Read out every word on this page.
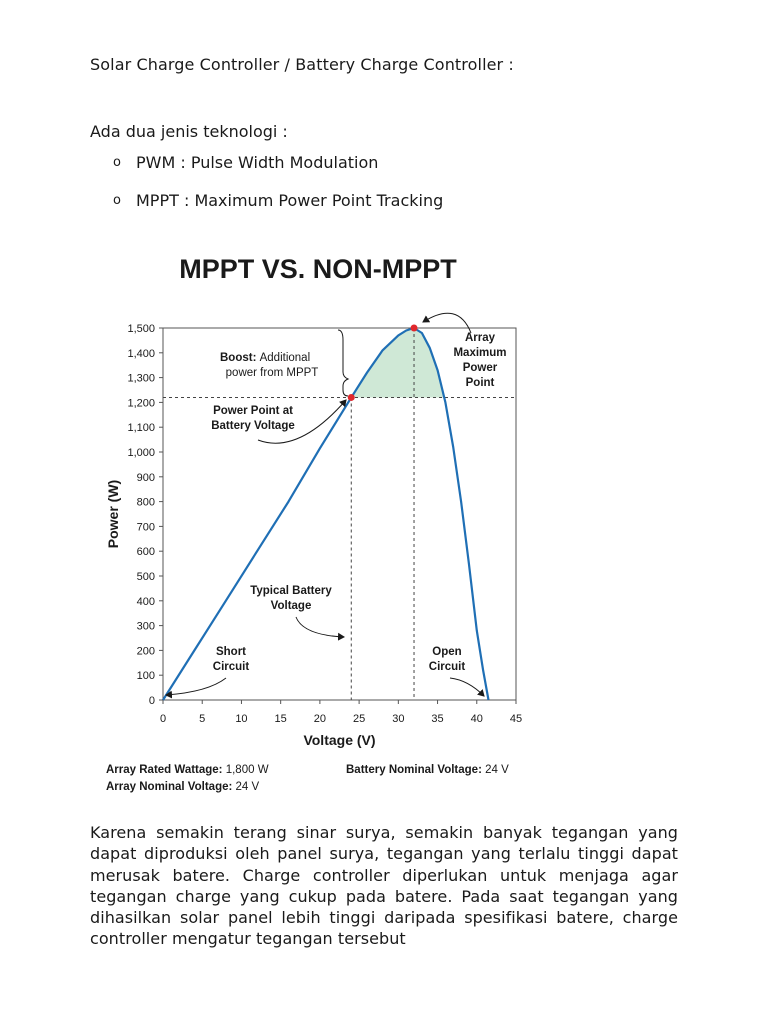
Solar Charge Controller / Battery Charge Controller :
Ada dua jenis teknologi :
o PWM : Pulse Width Modulation
o MPPT : Maximum Power Point Tracking
MPPT VS. NON-MPPT
0
100
200
300
400
500
600
700
800
900
1,000
1,100
1,200
1,300
1,400
1,500
0	5	10 15 20 25 30 35 40 45
Voltage (V)
Power (W)
Boost: Additional
power from MPPT
Power Point at
Battery Voltage
Array
Maximum
Power
Point
Typical Battery
Voltage
Short
Circuit
Open
Circuit
Array Rated Wattage: 1,800 W	Battery Nominal Voltage: 24 V
Array Nominal Voltage: 24 V

Karena semakin terang sinar surya, semakin banyak tegangan yang dapat diproduksi oleh panel surya, tegangan yang terlalu tinggi dapat merusak batere. Charge controller diperlukan untuk menjaga agar tegangan charge yang cukup pada batere. Pada saat tegangan yang dihasilkan solar panel lebih tinggi daripada spesifikasi batere, charge controller mengatur tegangan tersebut
